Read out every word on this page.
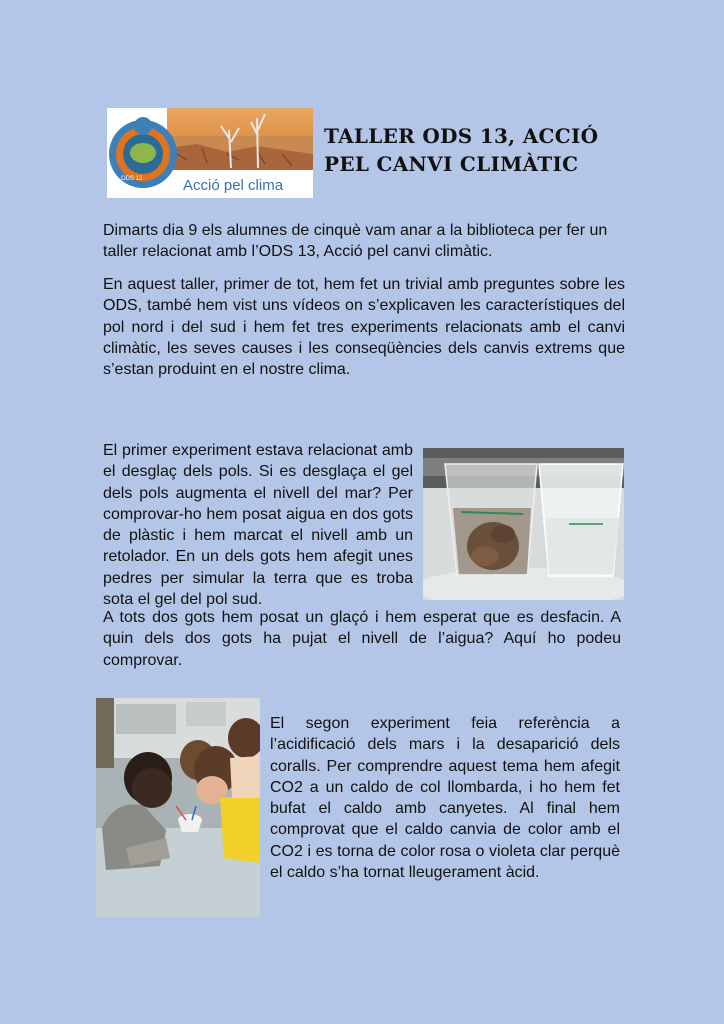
ODS 13	Acció pel clima
TALLER ODS 13, ACCIÓ
PEL CANVI CLIMÀTIC

Dimarts dia 9 els alumnes de cinquè vam anar a la biblioteca per fer un taller relacionat amb l’ODS 13, Acció pel canvi climàtic.

En aquest taller, primer de tot, hem fet un trivial amb preguntes sobre les ODS, també hem vist uns vídeos on s’explicaven les característiques del pol nord i del sud i hem fet tres experiments relacionats amb el canvi climàtic, les seves causes i les conseqüències dels canvis extrems que s’estan produint en el nostre clima.

El primer experiment estava relacionat amb el desglaç dels pols. Si es desglaça el gel dels pols augmenta el nivell del mar? Per comprovar-ho hem posat aigua en dos gots de plàstic i hem marcat el nivell amb un retolador. En un dels gots hem afegit unes pedres per simular la terra que es troba sota el gel del pol sud.

A tots dos gots hem posat un glaçó i hem esperat que es desfacin. A quin dels dos gots ha pujat el nivell de l’aigua? Aquí ho podeu comprovar.

El segon experiment feia referència a l’acidificació dels mars i la desaparició dels coralls. Per comprendre aquest tema hem afegit CO2 a un caldo de col llombarda, i ho hem fet bufat el caldo amb canyetes. Al final hem comprovat que el caldo canvia de color amb el CO2 i es torna de color rosa o violeta clar perquè el caldo s’ha tornat lleugerament àcid.
